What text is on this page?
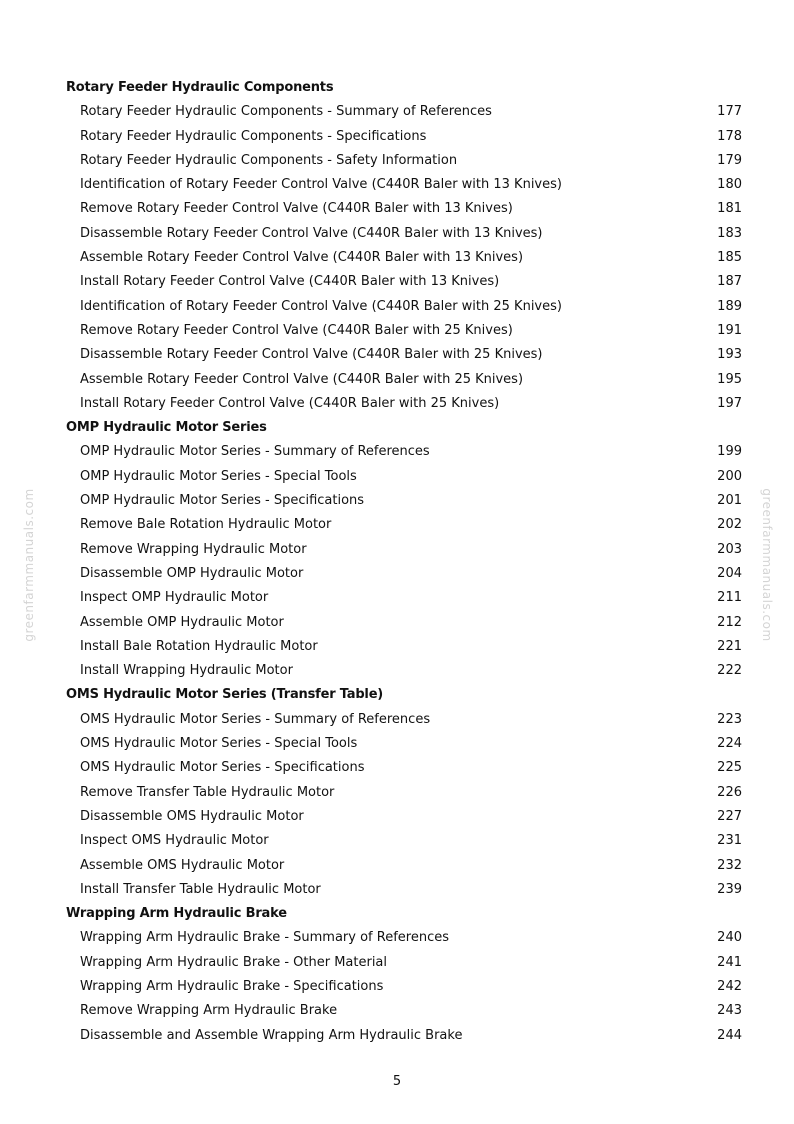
greenfarmmanuals.com	greenfarmmanuals.com
Rotary Feeder Hydraulic Components
Rotary Feeder Hydraulic Components - Summary of References	177
Rotary Feeder Hydraulic Components - Specifications	178
Rotary Feeder Hydraulic Components - Safety Information	179
Identification of Rotary Feeder Control Valve (C440R Baler with 13 Knives)	180
Remove Rotary Feeder Control Valve (C440R Baler with 13 Knives)	181
Disassemble Rotary Feeder Control Valve (C440R Baler with 13 Knives)	183
Assemble Rotary Feeder Control Valve (C440R Baler with 13 Knives)	185
Install Rotary Feeder Control Valve (C440R Baler with 13 Knives)	187
Identification of Rotary Feeder Control Valve (C440R Baler with 25 Knives)	189
Remove Rotary Feeder Control Valve (C440R Baler with 25 Knives)	191
Disassemble Rotary Feeder Control Valve (C440R Baler with 25 Knives)	193
Assemble Rotary Feeder Control Valve (C440R Baler with 25 Knives)	195
Install Rotary Feeder Control Valve (C440R Baler with 25 Knives)	197
OMP Hydraulic Motor Series
OMP Hydraulic Motor Series - Summary of References	199
OMP Hydraulic Motor Series - Special Tools	200
OMP Hydraulic Motor Series - Specifications	201
Remove Bale Rotation Hydraulic Motor	202
Remove Wrapping Hydraulic Motor	203
Disassemble OMP Hydraulic Motor	204
Inspect OMP Hydraulic Motor	211
Assemble OMP Hydraulic Motor	212
Install Bale Rotation Hydraulic Motor	221
Install Wrapping Hydraulic Motor	222
OMS Hydraulic Motor Series (Transfer Table)
OMS Hydraulic Motor Series - Summary of References	223
OMS Hydraulic Motor Series - Special Tools	224
OMS Hydraulic Motor Series - Specifications	225
Remove Transfer Table Hydraulic Motor	226
Disassemble OMS Hydraulic Motor	227
Inspect OMS Hydraulic Motor	231
Assemble OMS Hydraulic Motor	232
Install Transfer Table Hydraulic Motor	239
Wrapping Arm Hydraulic Brake
Wrapping Arm Hydraulic Brake - Summary of References	240
Wrapping Arm Hydraulic Brake - Other Material	241
Wrapping Arm Hydraulic Brake - Specifications	242
Remove Wrapping Arm Hydraulic Brake	243
Disassemble and Assemble Wrapping Arm Hydraulic Brake	244
5
